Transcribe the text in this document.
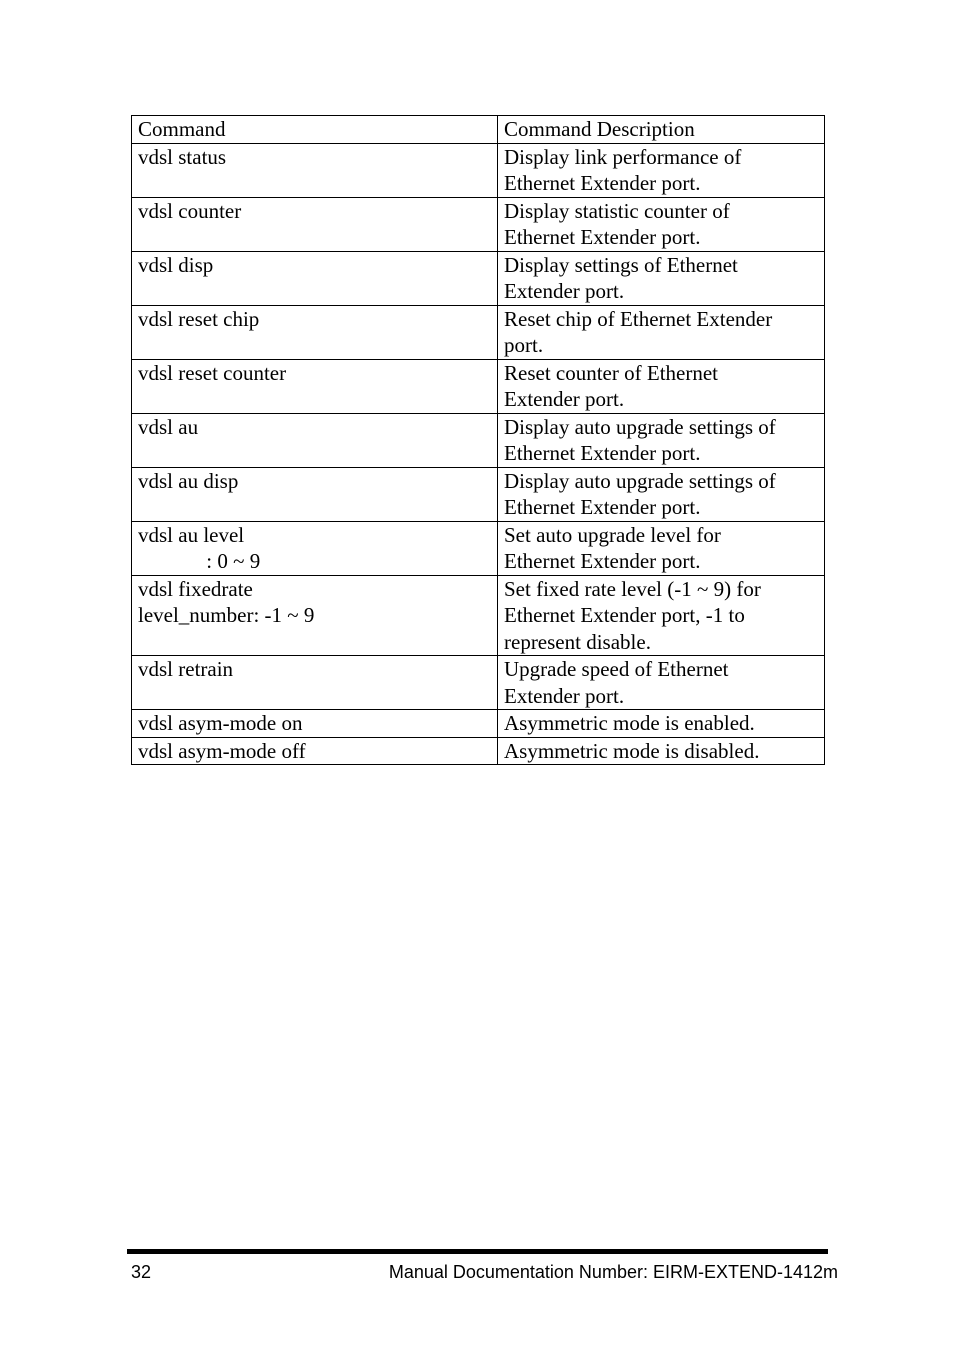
Command	Command Description
vdsl status	Display link performance of
Ethernet Extender port.
vdsl counter	Display statistic counter of
Ethernet Extender port.
vdsl disp	Display settings of Ethernet
Extender port.
vdsl reset chip	Reset chip of Ethernet Extender
port.
vdsl reset counter	Reset counter of Ethernet
Extender port.
vdsl au	Display auto upgrade settings of
Ethernet Extender port.
vdsl au disp	Display auto upgrade settings of
Ethernet Extender port.
vdsl au level
: 0 ~ 9	Set auto upgrade level for
Ethernet Extender port.
vdsl fixedrate
level_number: -1 ~ 9	Set fixed rate level (-1 ~ 9) for
Ethernet Extender port, -1 to
represent disable.
vdsl retrain	Upgrade speed of Ethernet
Extender port.
vdsl asym-mode on	Asymmetric mode is enabled.
vdsl asym-mode off	Asymmetric mode is disabled.
32	Manual Documentation Number: EIRM-EXTEND-1412m
